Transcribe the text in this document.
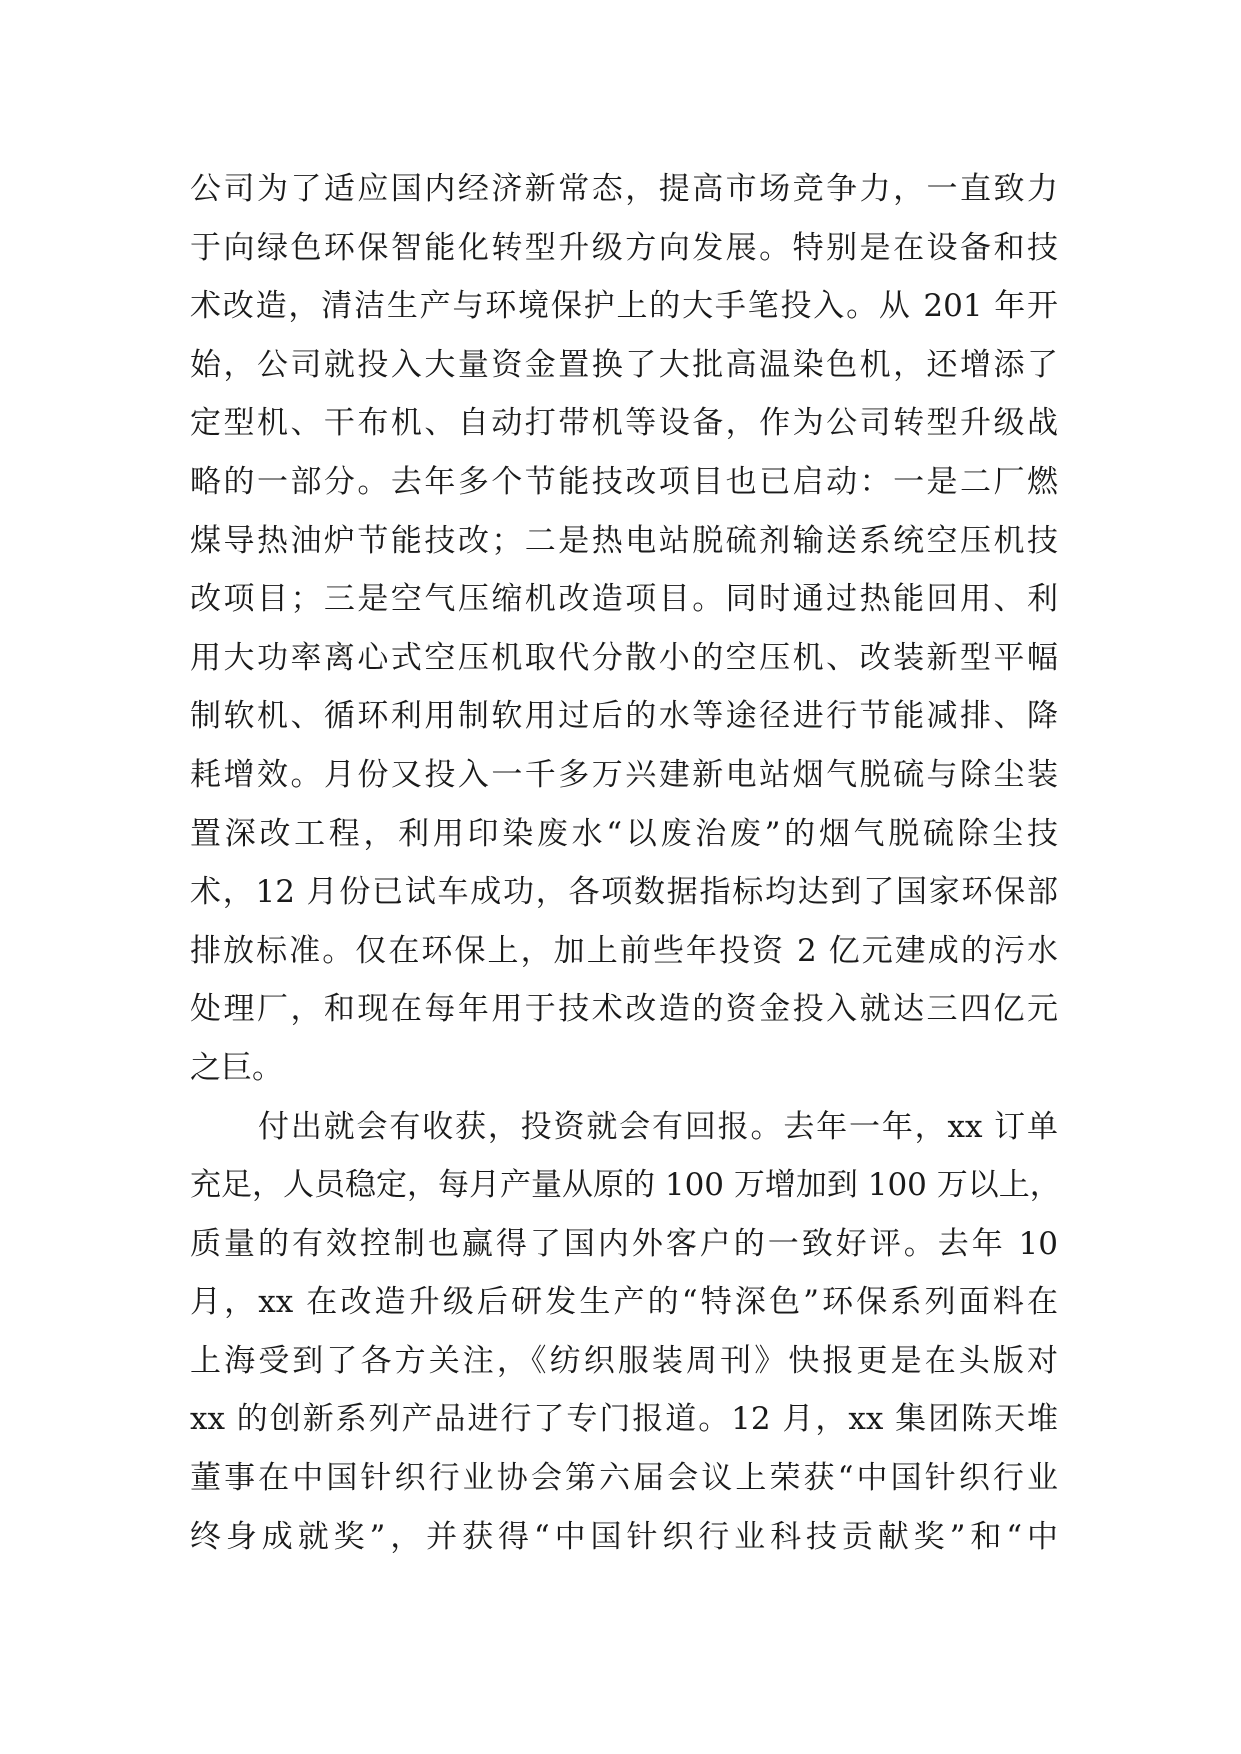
公司为了适应国内经济新常态，提高市场竞争力，一直致力
于向绿色环保智能化转型升级方向发展。特别是在设备和技
术改造，清洁生产与环境保护上的大手笔投入。从 201 年开
始，公司就投入大量资金置换了大批高温染色机，还增添了
定型机、干布机、自动打带机等设备，作为公司转型升级战
略的一部分。去年多个节能技改项目也已启动：一是二厂燃
煤导热油炉节能技改；二是热电站脱硫剂输送系统空压机技
改项目；三是空气压缩机改造项目。同时通过热能回用、利
用大功率离心式空压机取代分散小的空压机、改装新型平幅
制软机、循环利用制软用过后的水等途径进行节能减排、降
耗增效。月份又投入一千多万兴建新电站烟气脱硫与除尘装
置深改工程，利用印染废水“以废治废”的烟气脱硫除尘技
术，12 月份已试车成功，各项数据指标均达到了国家环保部
排放标准。仅在环保上，加上前些年投资 2 亿元建成的污水
处理厂，和现在每年用于技术改造的资金投入就达三四亿元
之巨。
付出就会有收获，投资就会有回报。去年一年，xx 订单
充足，人员稳定，每月产量从原的 100 万增加到 100 万以上，
质量的有效控制也赢得了国内外客户的一致好评。去年 10
月，xx 在改造升级后研发生产的“特深色”环保系列面料在
上海受到了各方关注，《纺织服装周刊》快报更是在头版对
xx 的创新系列产品进行了专门报道。12 月，xx 集团陈天堆
董事在中国针织行业协会第六届会议上荣获“中国针织行业
终身成就奖”，并获得“中国针织行业科技贡献奖”和“中
